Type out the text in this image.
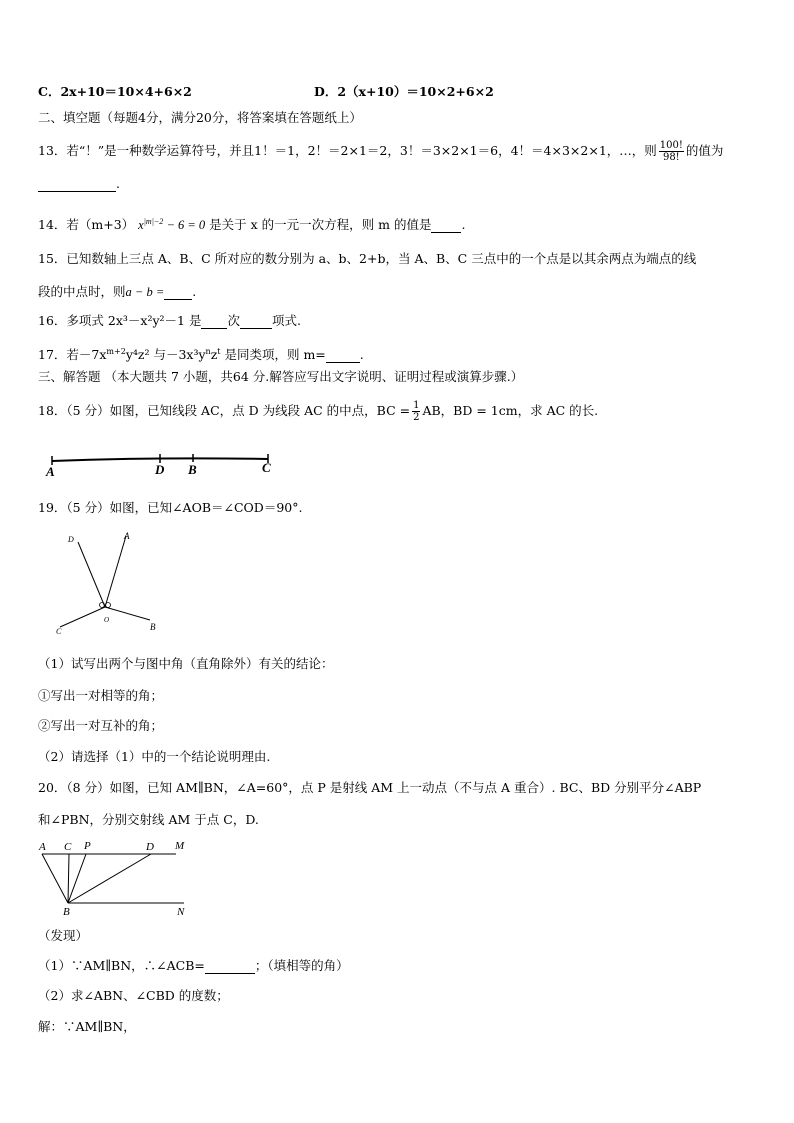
C．2x+10＝10×4+6×2	D．2（x+10）＝10×2+6×2
二、填空题（每题4分，满分20分，将答案填在答题纸上）
13．若“！”是一种数学运算符号，并且1！＝1，2！＝2×1＝2，3！＝3×2×1＝6，4！＝4×3×2×1，…，则 $\frac{100!}{98!}$ 的值为
.
14．若（m+3） $x^{|m|-2} - 6 = 0$ 是关于 x 的一元一次方程，则 m 的值是 .
15．已知数轴上三点 A、B、C 所对应的数分别为 a、b、2+b，当 A、B、C 三点中的一个点是以其余两点为端点的线
段的中点时，则a − b = .
16．多项式 2x³－x²y²－1 是 次	项式.
17．若$-7x^{m+2}y^4z^2$ 与$-3x^3y^nz^t$ 是同类项，则 m=	.
三、解答题 （本大题共 7 小题，共64 分.解答应写出文字说明、证明过程或演算步骤.）
18．（5 分）如图，已知线段 AC，点 D 为线段 AC 的中点，BC = $\frac{1}{2}$ AB，BD = 1cm，求 AC 的长.
A	D B	C
19．（5 分）如图，已知∠AOB＝∠COD＝90°.
D	A
C
O
B
（1）试写出两个与图中角（直角除外）有关的结论：
①写出一对相等的角；
②写出一对互补的角；
（2）请选择（1）中的一个结论说明理由.
20．（8 分）如图，已知 AM∥BN，∠A=60°，点 P 是射线 AM 上一动点（不与点 A 重合）. BC、BD 分别平分∠ABP
和∠PBN，分别交射线 AM 于点 C，D.
A C P	D M
B	N
（发现）
（1）∵AM∥BN，∴∠ACB=	；（填相等的角）
（2）求∠ABN、∠CBD 的度数；
解：∵AM∥BN，
